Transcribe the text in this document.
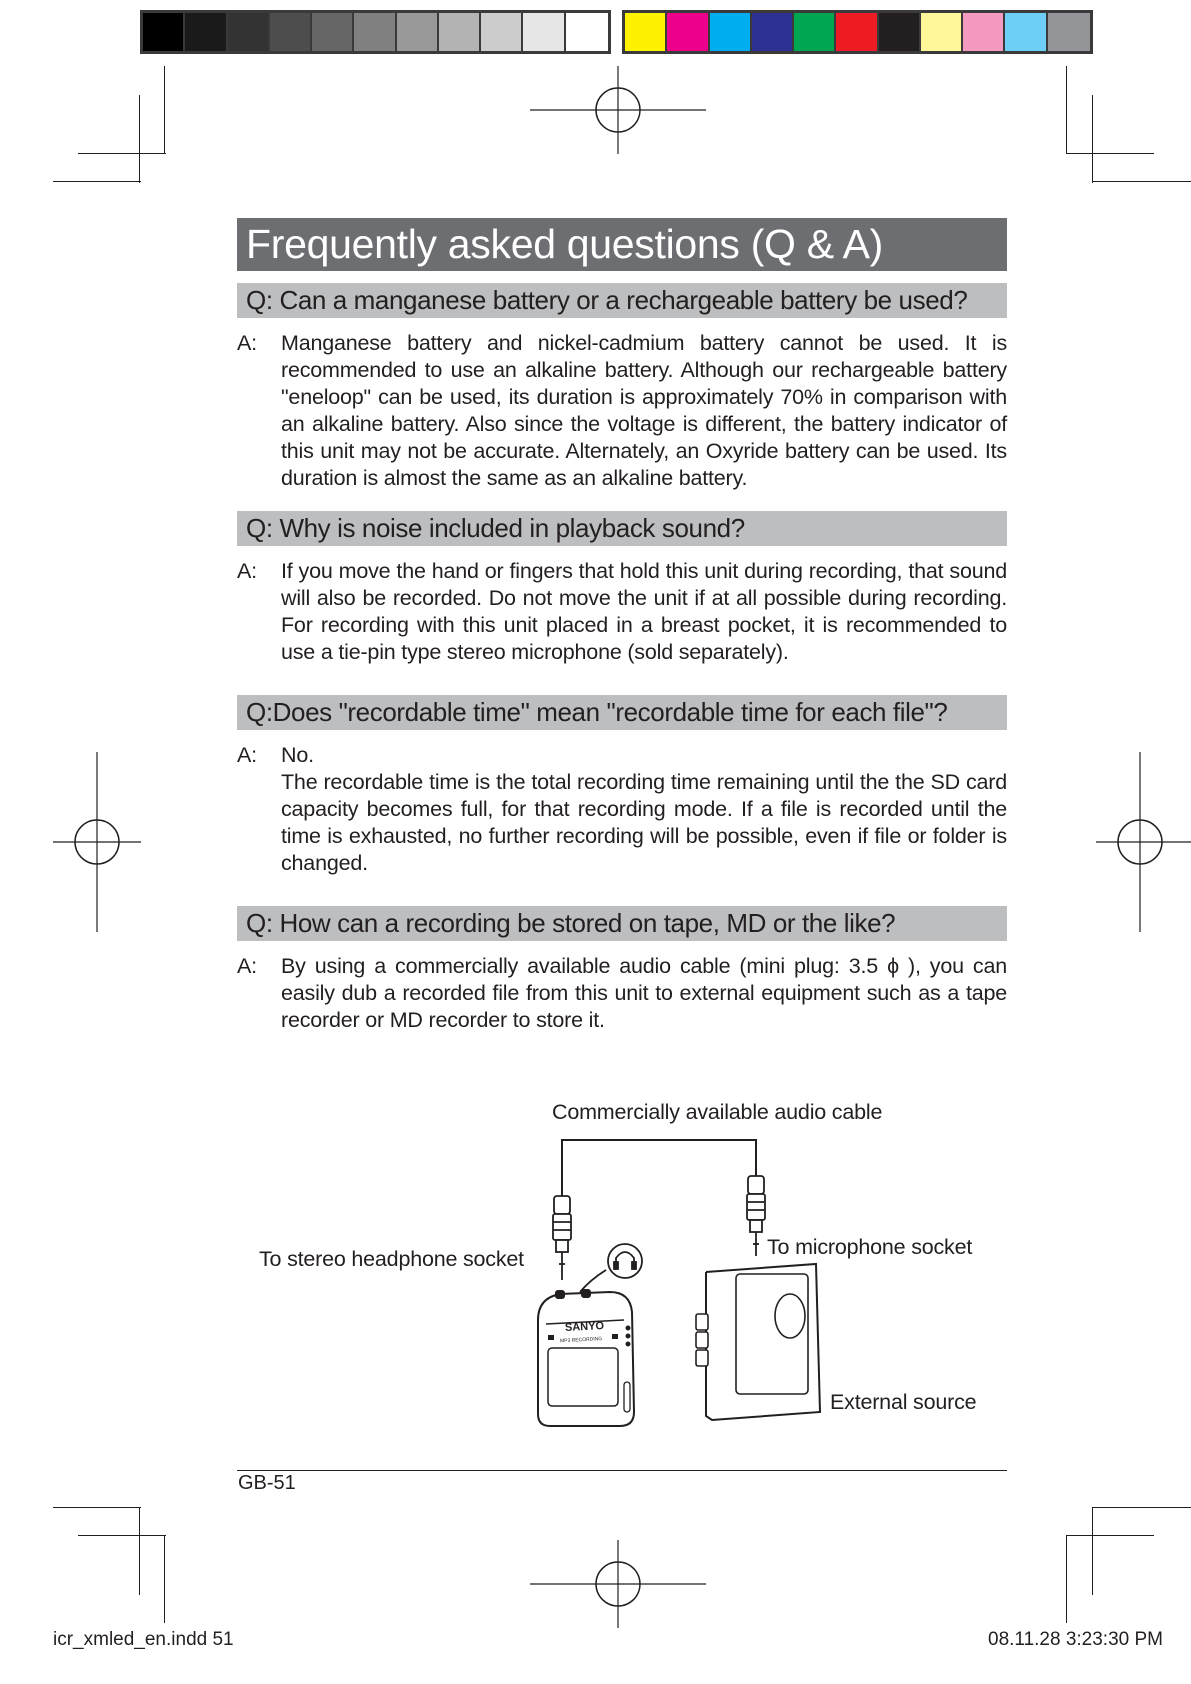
Frequently asked questions (Q & A)
Q: Can a manganese battery or a rechargeable battery be used?
A:	Manganese battery and nickel-cadmium battery cannot be used. It is recommended to use an alkaline battery. Although our rechargeable battery "eneloop" can be used, its duration is approximately 70% in comparison with an alkaline battery. Also since the voltage is different, the battery indicator of this unit may not be accurate. Alternately, an Oxyride battery can be used. Its duration is almost the same as an alkaline battery.

Q: Why is noise included in playback sound?
A:	If you move the hand or fingers that hold this unit during recording, that sound will also be recorded. Do not move the unit if at all possible during recording. For recording with this unit placed in a breast pocket, it is recommended to use a tie-pin type stereo microphone (sold separately).

Q:Does "recordable time" mean "recordable time for each file"?
A:	No.

The recordable time is the total recording time remaining until the the SD card capacity becomes full, for that recording mode. If a file is recorded until the time is exhausted, no further recording will be possible, even if file or folder is changed.

Q: How can a recording be stored on tape, MD or the like?
A:	By using a commercially available audio cable (mini plug: 3.5 ϕ ), you can easily dub a recorded file from this unit to external equipment such as a tape recorder or MD recorder to store it.

Commercially available audio cable
To stereo headphone socket	To microphone socket
External source
SANYO
MP3 RECORDING
GB-51
icr_xmled_en.indd 51	08.11.28 3:23:30 PM
